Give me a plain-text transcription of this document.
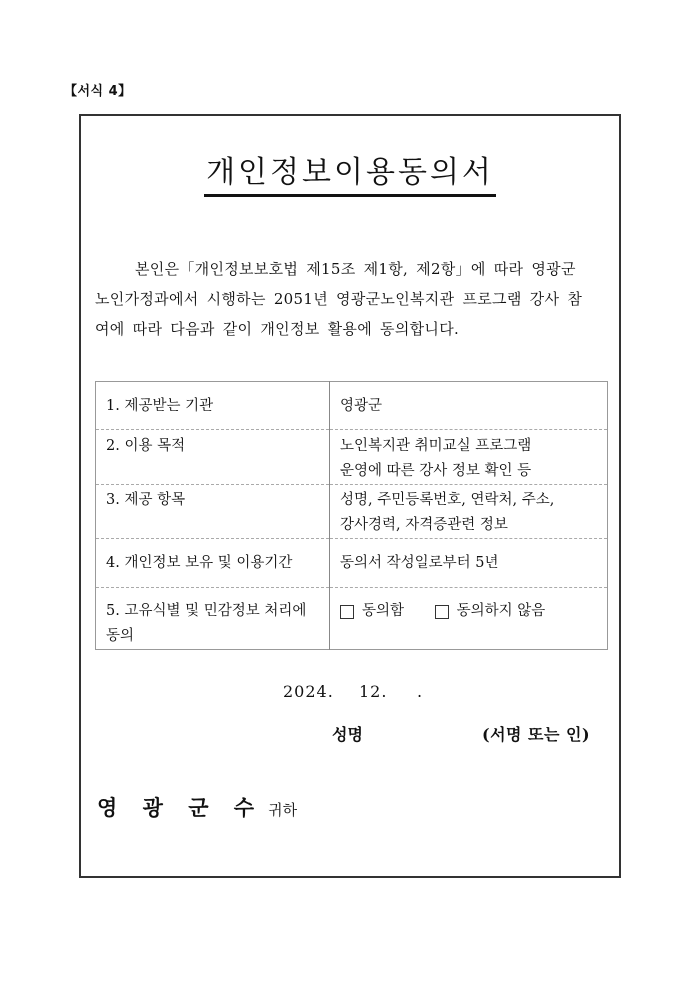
【서식 4】
개인정보이용동의서

본인은「개인정보보호법 제15조 제1항, 제2항」에 따라 영광군

노인가정과에서 시행하는 2051년 영광군노인복지관 프로그램 강사 참

여에 따라 다음과 같이 개인정보 활용에 동의합니다.

1. 제공받는 기관	영광군

2. 이용 목적	노인복지관 취미교실 프로그램
운영에 따른 강사 정보 확인 등

3. 제공 항목	성명, 주민등록번호, 연락처, 주소,
강사경력, 자격증관련 정보

4. 개인정보 보유 및 이용기간	동의서 작성일로부터 5년

5. 고유식별 및 민감정보 처리에 동의	동의함
동의하지 않음
2024. 12. .
성명	(서명 또는 인)
영 광 군 수 귀하
